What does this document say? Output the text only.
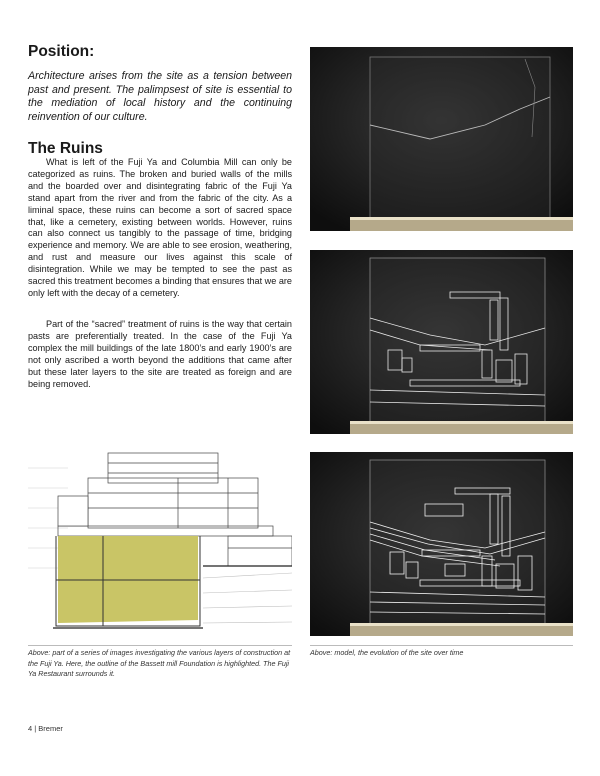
Position:

Architecture arises from the site as a tension between past and present. The palimpsest of site is essential to the mediation of local history and the continuing reinvention of our culture.

The Ruins

What is left of the Fuji Ya and Columbia Mill can only be categorized as ruins. The broken and buried walls of the mills and the boarded over and disintegrating fabric of the Fuji Ya stand apart from the river and from the fabric of the city. As a liminal space, these ruins can become a sort of sacred space that, like a cemetery, existing between worlds. However, ruins can also connect us tangibly to the passage of time, bridging experience and memory. We are able to see erosion, weathering, and rust and measure our lives against this scale of disintegration. While we may be tempted to see the past as sacred this treatment becomes a binding that ensures that we are only left with the decay of a cemetery.

Part of the “sacred” treatment of ruins is the way that certain pasts are preferentially treated. In the case of the Fuji Ya complex the mill buildings of the late 1800’s and early 1900’s are not only ascribed a worth beyond the additions that came after but these later layers to the site are treated as foreign and are being removed.

Above: part of a series of images investigating the various layers of construction at the Fuji Ya. Here, the outline of the Bassett mill Foundation is highlighted. The Fuji Ya Restaurant surrounds it.

Above: model, the evolution of the site over time

4 | Bremer
